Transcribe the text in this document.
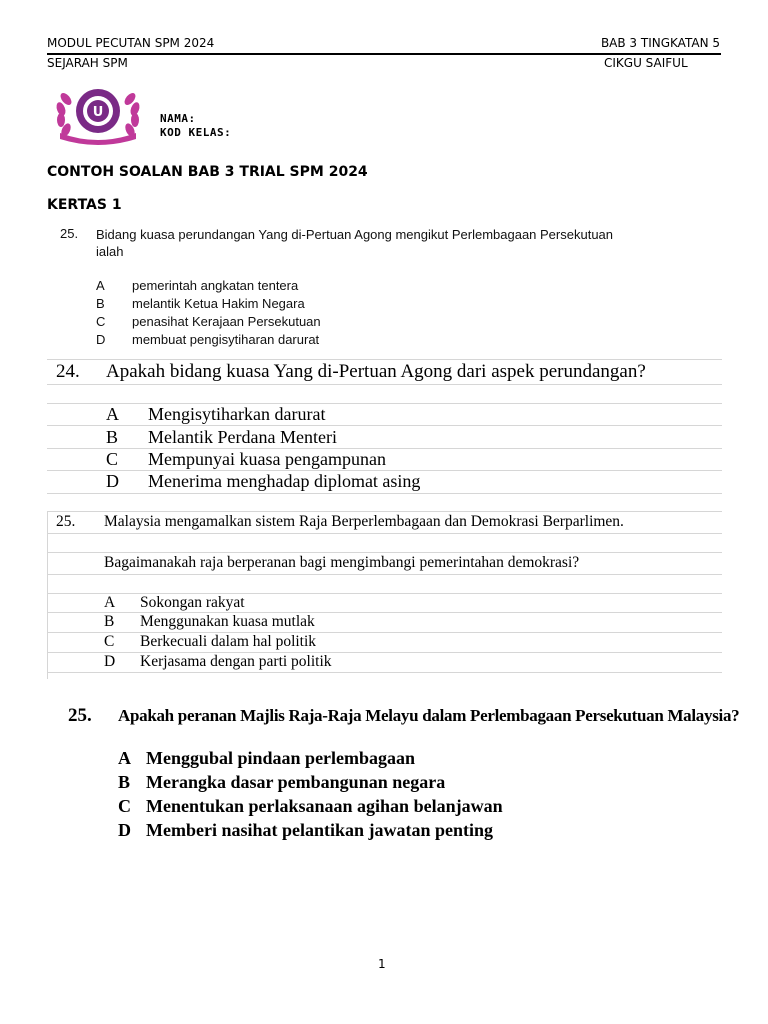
MODUL PECUTAN SPM 2024	BAB 3 TINGKATAN 5
SEJARAH SPM	CIKGU SAIFUL
U	NAMA:
KOD KELAS:
CONTOH SOALAN BAB 3 TRIAL SPM 2024
KERTAS 1
25. Bidang kuasa perundangan Yang di-Pertuan Agong mengikut Perlembagaan Persekutuan
ialah
A pemerintah angkatan tentera
B melantik Ketua Hakim Negara
C penasihat Kerajaan Persekutuan
D membuat pengisytiharan darurat
24. Apakah bidang kuasa Yang di-Pertuan Agong dari aspek perundangan?
A Mengisytiharkan darurat
B Melantik Perdana Menteri
C Mempunyai kuasa pengampunan
D Menerima menghadap diplomat asing
25. Malaysia mengamalkan sistem Raja Berperlembagaan dan Demokrasi Berparlimen.
Bagaimanakah raja berperanan bagi mengimbangi pemerintahan demokrasi?
A Sokongan rakyat
B Menggunakan kuasa mutlak
C Berkecuali dalam hal politik
D Kerjasama dengan parti politik
25. Apakah peranan Majlis Raja-Raja Melayu dalam Perlembagaan Persekutuan Malaysia?
A Menggubal pindaan perlembagaan
B Merangka dasar pembangunan negara
C Menentukan perlaksanaan agihan belanjawan
D Memberi nasihat pelantikan jawatan penting
1
